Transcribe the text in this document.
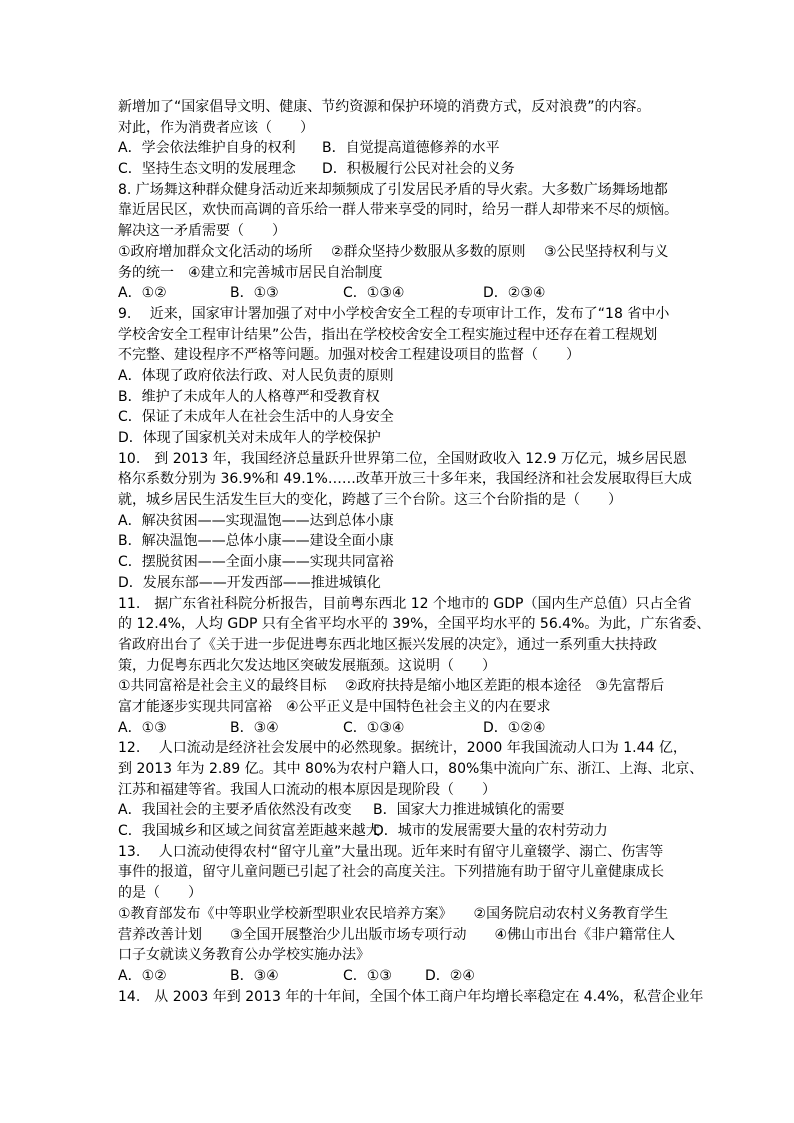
新增加了“国家倡导文明、健康、节约资源和保护环境的消费方式，反对浪费”的内容。
对此，作为消费者应该（　　）
A．学会依法维护自身的权利 B．自觉提高道德修养的水平
C．坚持生态文明的发展理念 D．积极履行公民对社会的义务
8. 广场舞这种群众健身活动近来却频频成了引发居民矛盾的导火索。大多数广场舞场地都
靠近居民区，欢快而高调的音乐给一群人带来享受的同时，给另一群人却带来不尽的烦恼。
解决这一矛盾需要（　　）
①政府增加群众文化活动的场所　 ②群众坚持少数服从多数的原则　 ③公民坚持权利与义
务的统一　④建立和完善城市居民自治制度
A．①②	B．①③	C．①③④	D．②③④
9.　 近来，国家审计署加强了对中小学校舍安全工程的专项审计工作，发布了“18 省中小
学校舍安全工程审计结果”公告，指出在学校校舍安全工程实施过程中还存在着工程规划
不完整、建设程序不严格等问题。加强对校舍工程建设项目的监督（　　）
A．体现了政府依法行政、对人民负责的原则
B．维护了未成年人的人格尊严和受教育权
C．保证了未成年人在社会生活中的人身安全
D．体现了国家机关对未成年人的学校保护
10.　到 2013 年，我国经济总量跃升世界第二位，全国财政收入 12.9 万亿元，城乡居民恩
格尔系数分别为 36.9%和 49.1%……改革开放三十多年来，我国经济和社会发展取得巨大成
就，城乡居民生活发生巨大的变化，跨越了三个台阶。这三个台阶指的是（　　）
A．解决贫困——实现温饱——达到总体小康
B．解决温饱——总体小康——建设全面小康
C．摆脱贫困——全面小康——实现共同富裕
D．发展东部——开发西部——推进城镇化
11.　据广东省社科院分析报告，目前粤东西北 12 个地市的 GDP（国内生产总值）只占全省
的 12.4%，人均 GDP 只有全省平均水平的 39%，全国平均水平的 56.4%。为此，广东省委、
省政府出台了《关于进一步促进粤东西北地区振兴发展的决定》，通过一系列重大扶持政
策，力促粤东西北欠发达地区突破发展瓶颈。这说明（　　）
①共同富裕是社会主义的最终目标　 ②政府扶持是缩小地区差距的根本途径　③先富帮后
富才能逐步实现共同富裕　④公平正义是中国特色社会主义的内在要求
A．①③	B．③④	C．①③④	D．①②④
12.　 人口流动是经济社会发展中的必然现象。据统计，2000 年我国流动人口为 1.44 亿，
到 2013 年为 2.89 亿。其中 80%为农村户籍人口，80%集中流向广东、浙江、上海、北京、
江苏和福建等省。我国人口流动的根本原因是现阶段（　　）
A．我国社会的主要矛盾依然没有改变 B．国家大力推进城镇化的需要
C．我国城乡和区域之间贫富差距越来越大
D．城市的发展需要大量的农村劳动力
13.　 人口流动使得农村“留守儿童”大量出现。近年来时有留守儿童辍学、溺亡、伤害等
事件的报道，留守儿童问题已引起了社会的高度关注。下列措施有助于留守儿童健康成长
的是（　　）
①教育部发布《中等职业学校新型职业农民培养方案》　　②国务院启动农村义务教育学生
营养改善计划　　③全国开展整治少儿出版市场专项行动　　④佛山市出台《非户籍常住人
口子女就读义务教育公办学校实施办法》
A．①②	B．③④	C．①③ D．②④
14.　从 2003 年到 2013 年的十年间，全国个体工商户年均增长率稳定在 4.4%，私营企业年
